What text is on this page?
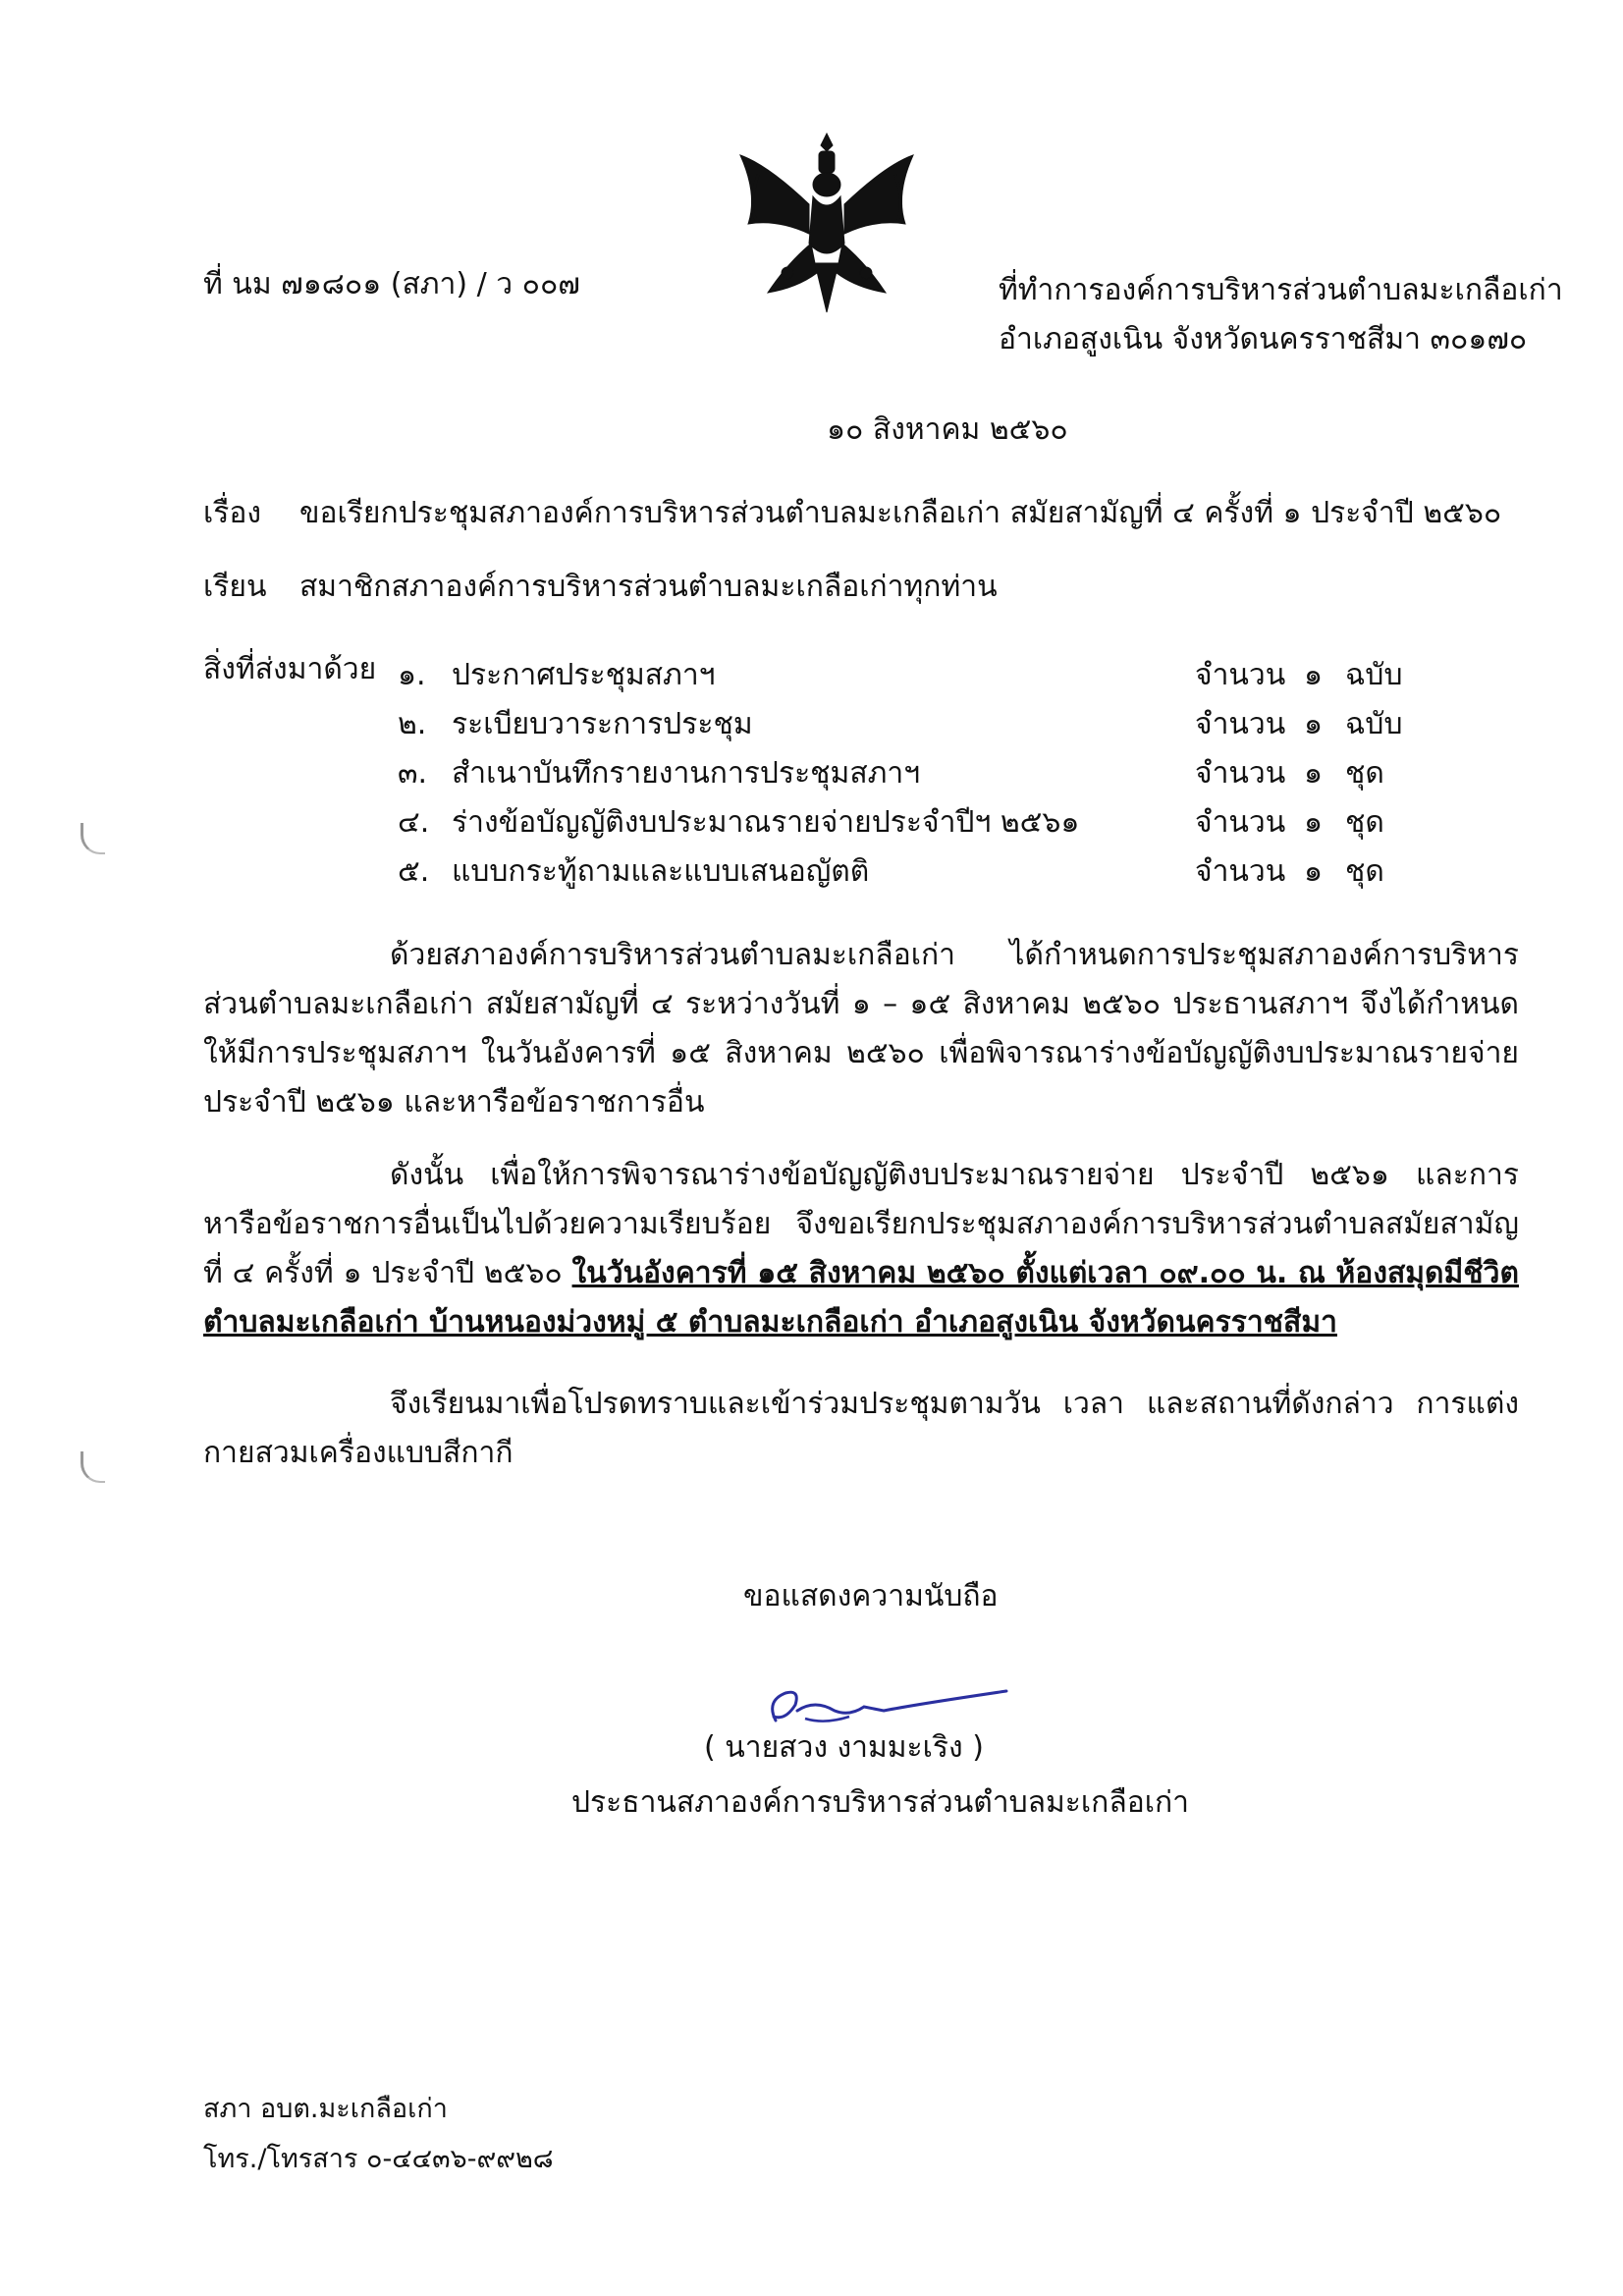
ที่ นม ๗๑๘๐๑ (สภา) / ว ๐๐๗	ที่ทำการองค์การบริหารส่วนตำบลมะเกลือเก่า
อำเภอสูงเนิน จังหวัดนครราชสีมา ๓๐๑๗๐
๑๐ สิงหาคม ๒๕๖๐
เรื่อง ขอเรียกประชุมสภาองค์การบริหารส่วนตำบลมะเกลือเก่า สมัยสามัญที่ ๔ ครั้งที่ ๑ ประจำปี ๒๕๖๐
เรียน สมาชิกสภาองค์การบริหารส่วนตำบลมะเกลือเก่าทุกท่าน
สิ่งที่ส่งมาด้วย ๑. ประกาศประชุมสภาฯ	จำนวน ๑ ฉบับ
๒. ระเบียบวาระการประชุม	จำนวน ๑ ฉบับ
๓. สำเนาบันทึกรายงานการประชุมสภาฯ	จำนวน ๑ ชุด
๔. ร่างข้อบัญญัติงบประมาณรายจ่ายประจำปีฯ ๒๕๖๑	จำนวน ๑ ชุด
๕. แบบกระทู้ถามและแบบเสนอญัตติ	จำนวน ๑ ชุด
ด้วยสภาองค์การบริหารส่วนตำบลมะเกลือเก่า ได้กำหนดการประชุมสภาองค์การบริหารส่วนตำบลมะเกลือเก่า สมัยสามัญที่ ๔ ระหว่างวันที่ ๑ – ๑๕ สิงหาคม ๒๕๖๐ ประธานสภาฯ จึงได้กำหนดให้มีการประชุมสภาฯ ในวันอังคารที่ ๑๕ สิงหาคม ๒๕๖๐ เพื่อพิจารณาร่างข้อบัญญัติงบประมาณรายจ่ายประจำปี ๒๕๖๑ และหารือข้อราชการอื่น
ดังนั้น เพื่อให้การพิจารณาร่างข้อบัญญัติงบประมาณรายจ่าย ประจำปี ๒๕๖๑ และการหารือข้อราชการอื่นเป็นไปด้วยความเรียบร้อย จึงขอเรียกประชุมสภาองค์การบริหารส่วนตำบลสมัยสามัญที่ ๔ ครั้งที่ ๑ ประจำปี ๒๕๖๐ ในวันอังคารที่ ๑๕ สิงหาคม ๒๕๖๐ ตั้งแต่เวลา ๐๙.๐๐ น. ณ ห้องสมุดมีชีวิตตำบลมะเกลือเก่า บ้านหนองม่วงหมู่ ๕ ตำบลมะเกลือเก่า อำเภอสูงเนิน จังหวัดนครราชสีมา
จึงเรียนมาเพื่อโปรดทราบและเข้าร่วมประชุมตามวัน เวลา และสถานที่ดังกล่าว การแต่งกายสวมเครื่องแบบสีกากี
ขอแสดงความนับถือ
( นายสวง งามมะเริง )
ประธานสภาองค์การบริหารส่วนตำบลมะเกลือเก่า
สภา อบต.มะเกลือเก่า
โทร./โทรสาร ๐-๔๔๓๖-๙๙๒๘
